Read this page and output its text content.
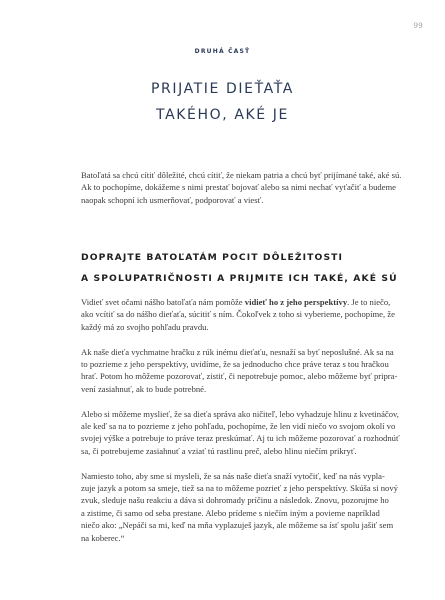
99
DRUHÁ ČASŤ
PRIJATIE DIEŤAŤA
TAKÉHO, AKÉ JE

Batoľatá sa chcú cítiť dôležité, chcú cítiť, že niekam patria a chcú byť prijímané také, aké sú.
Ak to pochopíme, dokážeme s nimi prestať bojovať alebo sa nimi nechať vyťačiť a budeme
naopak schopní ich usmerňovať, podporovať a viesť.

DOPRAJTE BATOĽATÁM POCIT DÔLEŽITOSTI
A SPOLUPATRIČNOSTI A PRIJMITE ICH TAKÉ, AKÉ SÚ

Vidieť svet očami nášho batoľaťa nám pomôže vidieť ho z jeho perspektívy. Je to niečo,
ako vcítiť sa do nášho dieťaťa, súcitiť s ním. Čokoľvek z toho si vyberieme, pochopíme, že
každý má zo svojho pohľadu pravdu.

Ak naše dieťa vychmatne hračku z rúk inému dieťaťu, nesnaží sa byť neposlušné. Ak sa na
to pozrieme z jeho perspektívy, uvidíme, že sa jednoducho chce práve teraz s tou hračkou
hrať. Potom ho môžeme pozorovať, zistiť, či nepotrebuje pomoc, alebo môžeme byť pripra-
vení zasiahnuť, ak to bude potrebné.

Alebo si môžeme myslieť, že sa dieťa správa ako ničiteľ, lebo vyhadzuje hlinu z kvetináčov,
ale keď sa na to pozrieme z jeho pohľadu, pochopíme, že len vidí niečo vo svojom okolí vo
svojej výške a potrebuje to práve teraz preskúmať. Aj tu ich môžeme pozorovať a rozhodnúť
sa, či potrebujeme zasiahnuť a vziať tú rastlinu preč, alebo hlinu niečím prikryť.

Namiesto toho, aby sme si mysleli, že sa nás naše dieťa snaží vytočiť, keď na nás vypla-
zuje jazyk a potom sa smeje, tiež sa na to môžeme pozrieť z jeho perspektívy. Skúša si nový
zvuk, sleduje našu reakciu a dáva si dohromady príčinu a následok. Znovu, pozorujme ho
a zistime, či samo od seba prestane. Alebo prídeme s niečím iným a povieme napríklad
niečo ako: „Nepáči sa mi, keď na mňa vyplazuješ jazyk, ale môžeme sa ísť spolu jašiť sem
na koberec.“
